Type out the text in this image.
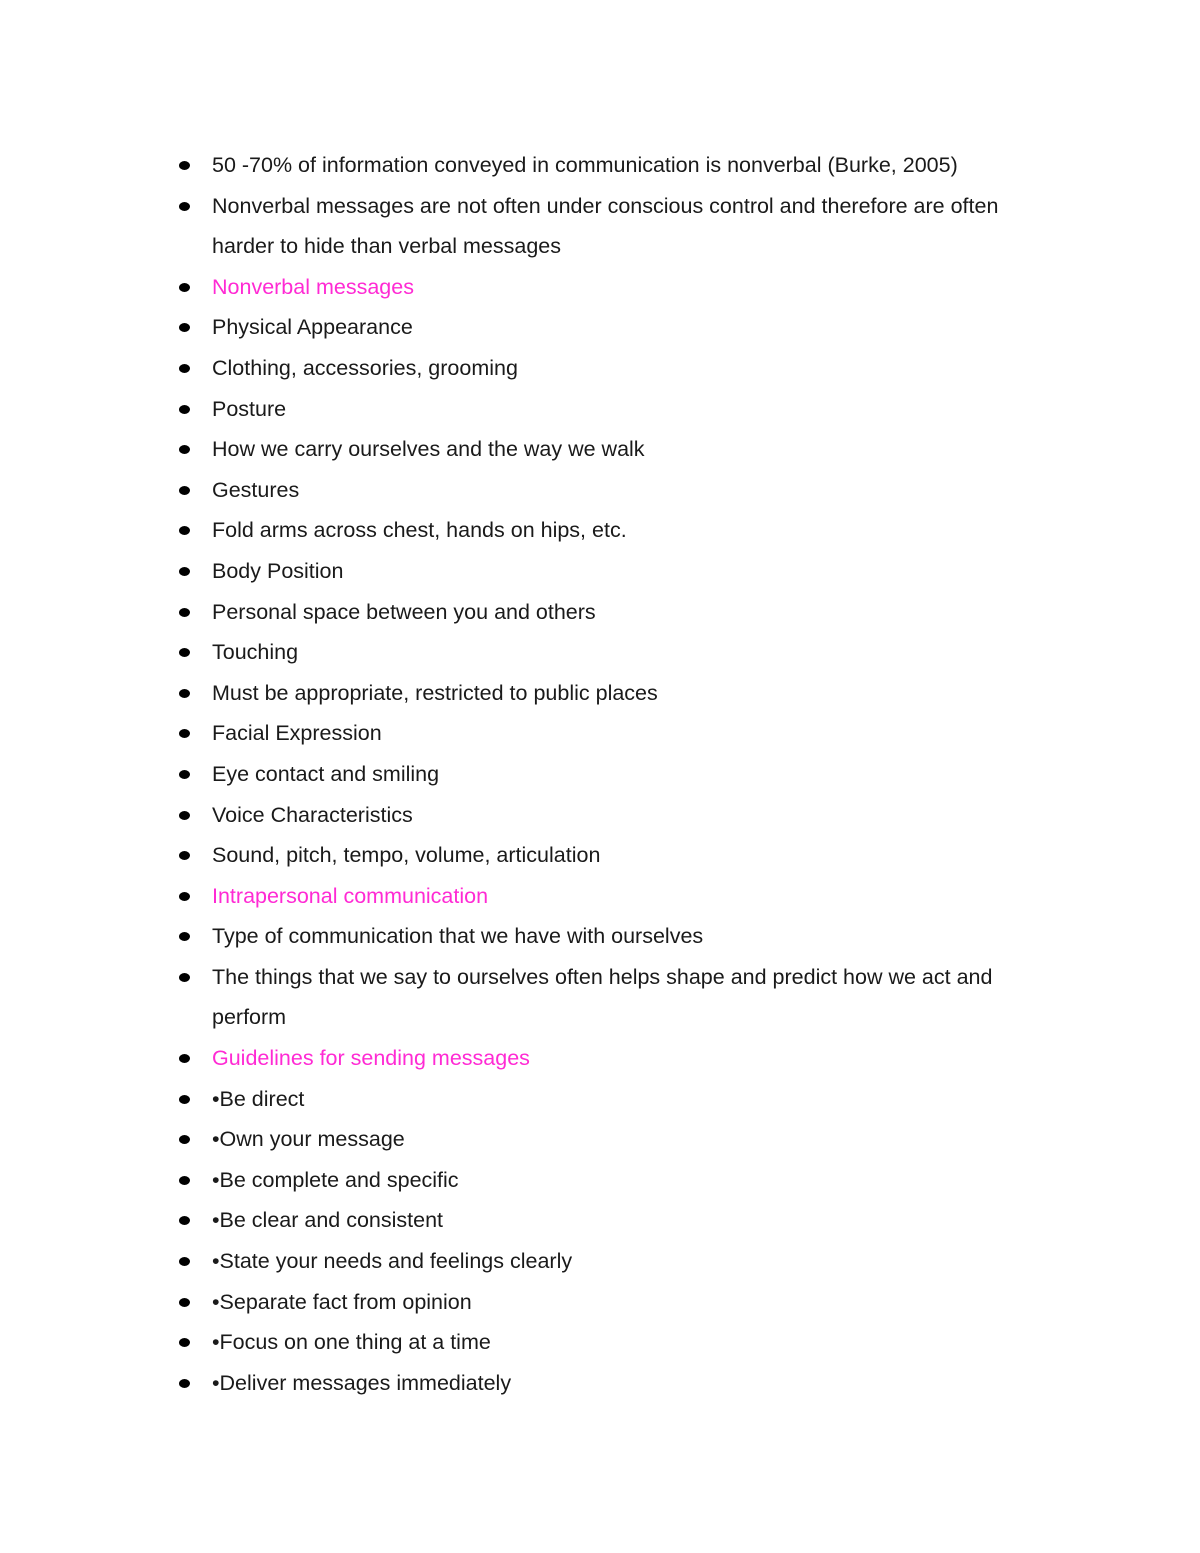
50 -70% of information conveyed in communication is nonverbal (Burke, 2005)
Nonverbal messages are not often under conscious control and therefore are often harder to hide than verbal messages
Nonverbal messages
Physical Appearance
Clothing, accessories, grooming
Posture
How we carry ourselves and the way we walk
Gestures
Fold arms across chest, hands on hips, etc.
Body Position
Personal space between you and others
Touching
Must be appropriate, restricted to public places
Facial Expression
Eye contact and smiling
Voice Characteristics
Sound, pitch, tempo, volume, articulation
Intrapersonal communication
Type of communication that we have with ourselves
The things that we say to ourselves often helps shape and predict how we act and perform
Guidelines for sending messages
•Be direct
•Own your message
•Be complete and specific
•Be clear and consistent
•State your needs and feelings clearly
•Separate fact from opinion
•Focus on one thing at a time
•Deliver messages immediately
